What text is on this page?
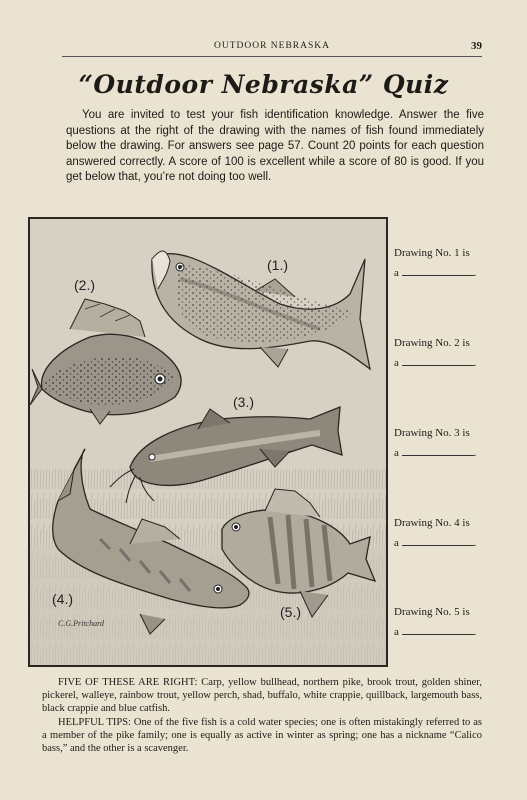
OUTDOOR NEBRASKA	39
“Outdoor Nebraska” Quiz
You are invited to test your fish identification knowledge. Answer the five questions at the right of the drawing with the names of fish found immediately below the drawing. For answers see page 57. Count 20 points for each question answered correctly. A score of 100 is excellent while a score of 80 is good. If you get below that, you’re not doing too well.
(1.)
(2.)
(3.)
(4.)
(5.)
C.G.Pritchard
Drawing No. 1 is
a	.
Drawing No. 2 is
a	.
Drawing No. 3 is
a	.
Drawing No. 4 is
a	.
Drawing No. 5 is
a	.

FIVE OF THESE ARE RIGHT: Carp, yellow bullhead, northern pike, brook trout, golden shiner, pickerel, walleye, rainbow trout, yellow perch, shad, buffalo, white crappie, quillback, largemouth bass, black crappie and blue catfish.

HELPFUL TIPS: One of the five fish is a cold water species; one is often mistakingly referred to as a member of the pike family; one is equally as active in winter as spring; one has a nickname “Calico bass,” and the other is a scavenger.
